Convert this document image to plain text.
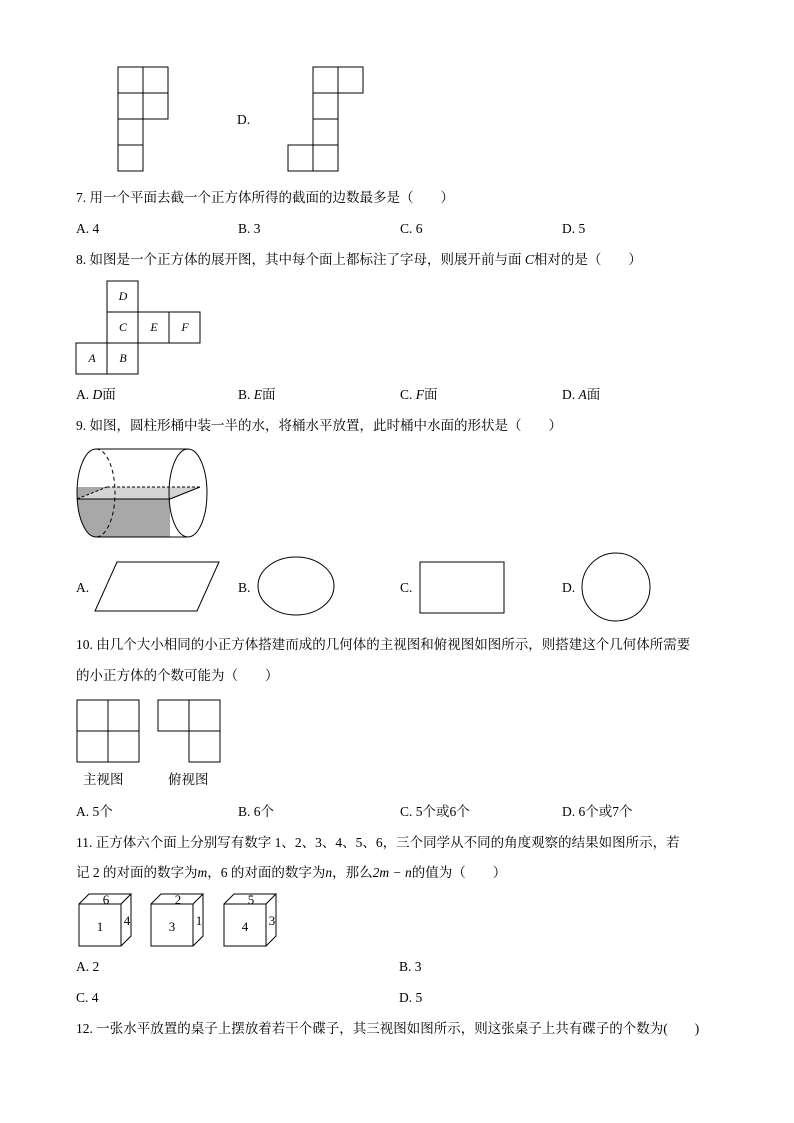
D.
7. 用一个平面去截一个正方体所得的截面的边数最多是（　　）
A. 4	B. 3	C. 6	D. 5
8. 如图是一个正方体的展开图，其中每个面上都标注了字母，则展开前与面 C相对的是（　　）
D
C E F
A B
A. D面	B. E面	C. F面	D. A面
9. 如图，圆柱形桶中装一半的水，将桶水平放置，此时桶中水面的形状是（　　）
A.	B.	C.	D.
10. 由几个大小相同的小正方体搭建而成的几何体的主视图和俯视图如图所示，则搭建这个几何体所需要
的小正方体的个数可能为（　　）
主视图	俯视图
A. 5个	B. 6个	C. 5个或6个	D. 6个或7个
11. 正方体六个面上分别写有数字 1、2、3、4、5、6，三个同学从不同的角度观察的结果如图所示，若
记 2 的对面的数字为m，6 的对面的数字为n，那么2m − n的值为（　　）
6
1 4
2
3 1
5
4 3
A. 2	B. 3
C. 4	D. 5
12. 一张水平放置的桌子上摆放着若干个碟子，其三视图如图所示，则这张桌子上共有碟子的个数为(　　)
